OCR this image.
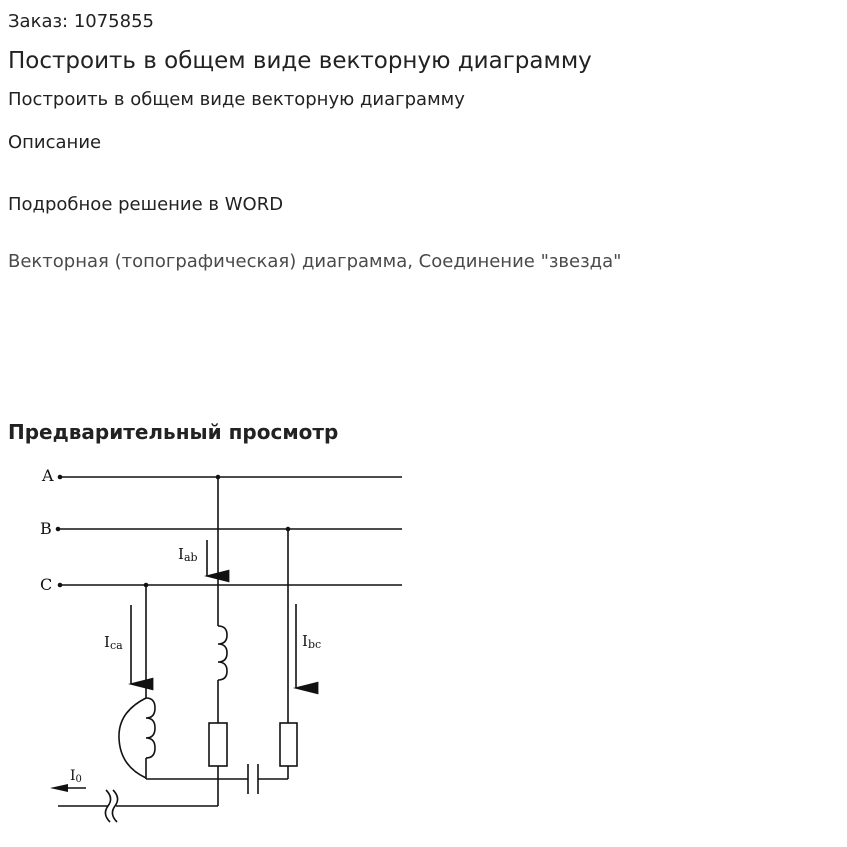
Заказ: 1075855
Построить в общем виде векторную диаграмму
Построить в общем виде векторную диаграмму
Описание
Подробное решение в WORD
Векторная (топографическая) диаграмма, Соединение "звезда"
Предварительный просмотр
A
B
C
Iab
Ica	Ibc
I0
